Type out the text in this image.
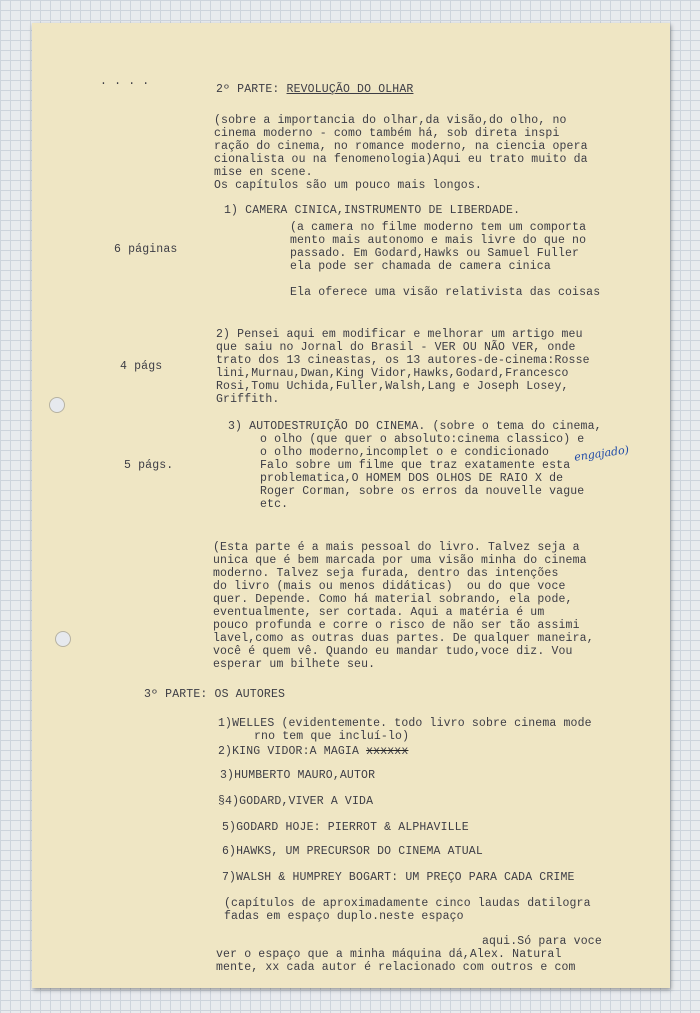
. . . .
2º PARTE: REVOLUÇÃO DO OLHAR
(sobre a importancia do olhar,da visão,do olho, no
cinema moderno - como também há, sob direta inspi
ração do cinema, no romance moderno, na ciencia opera
cionalista ou na fenomenologia)Aqui eu trato muito da
mise en scene.
Os capítulos são um pouco mais longos.
1) CAMERA CINICA,INSTRUMENTO DE LIBERDADE.
6 páginas
(a camera no filme moderno tem um comporta
mento mais autonomo e mais livre do que no
passado. Em Godard,Hawks ou Samuel Fuller
ela pode ser chamada de camera cinica
Ela oferece uma visão relativista das coisas
4 págs
2) Pensei aqui em modificar e melhorar um artigo meu
que saiu no Jornal do Brasil - VER OU NÃO VER, onde
trato dos 13 cineastas, os 13 autores-de-cinema:Rosse
lini,Murnau,Dwan,King Vidor,Hawks,Godard,Francesco
Rosi,Tomu Uchida,Fuller,Walsh,Lang e Joseph Losey,
Griffith.
5 págs.
3) AUTODESTRUIÇÃO DO CINEMA. (sobre o tema do cinema,
o olho (que quer o absoluto:cinema classico) e
o olho moderno,incomplet o e condicionado engajado)
Falo sobre um filme que traz exatamente esta
problematica,O HOMEM DOS OLHOS DE RAIO X de
Roger Corman, sobre os erros da nouvelle vague
etc.
(Esta parte é a mais pessoal do livro. Talvez seja a
unica que é bem marcada por uma visão minha do cinema
moderno. Talvez seja furada, dentro das intenções
do livro (mais ou menos didáticas)  ou do que voce
quer. Depende. Como há material sobrando, ela pode,
eventualmente, ser cortada. Aqui a matéria é um
pouco profunda e corre o risco de não ser tão assimi
lavel,como as outras duas partes. De qualquer maneira,
você é quem vê. Quando eu mandar tudo,voce diz. Vou
esperar um bilhete seu.
3º PARTE: OS AUTORES
1)WELLES (evidentemente. todo livro sobre cinema mode
rno tem que incluí-lo)
2)KING VIDOR:A MAGIA xxxxxx
3)HUMBERTO MAURO,AUTOR
§4)GODARD,VIVER A VIDA
5)GODARD HOJE: PIERROT & ALPHAVILLE
6)HAWKS, UM PRECURSOR DO CINEMA ATUAL
7)WALSH & HUMPREY BOGART: UM PREÇO PARA CADA CRIME
(capítulos de aproximadamente cinco laudas datilogra
fadas em espaço duplo.neste espaço
aqui.Só para voce
ver o espaço que a minha máquina dá,Alex. Natural
mente, xx cada autor é relacionado com outros e com
